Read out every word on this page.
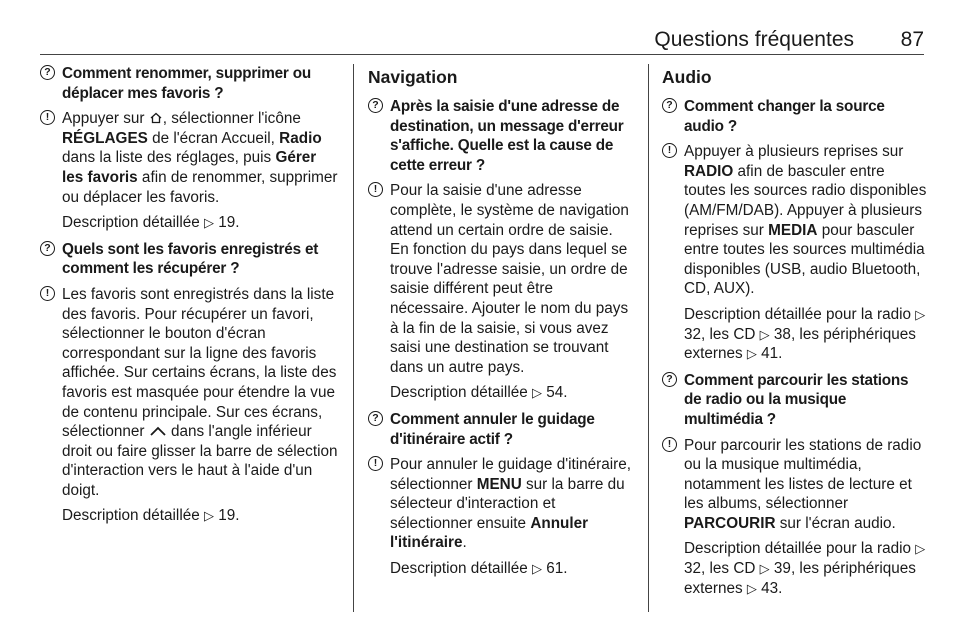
Questions fréquentes 87
? Comment renommer, supprimer ou déplacer mes favoris ?
! Appuyer sur , sélectionner l'icône RÉGLAGES de l'écran Accueil, Radio dans la liste des réglages, puis Gérer les favoris afin de renommer, supprimer ou déplacer les favoris.
Description détaillée ▷ 19.
? Quels sont les favoris enregistrés et comment les récupérer ?
! Les favoris sont enregistrés dans la liste des favoris. Pour récupérer un favori, sélectionner le bouton d'écran correspondant sur la ligne des favoris affichée. Sur certains écrans, la liste des favoris est masquée pour étendre la vue de contenu principale. Sur ces écrans, sélectionner  dans l'angle inférieur droit ou faire glisser la barre de sélection d'interaction vers le haut à l'aide d'un doigt.
Description détaillée ▷ 19.
Navigation
? Après la saisie d'une adresse de destination, un message d'erreur s'affiche. Quelle est la cause de cette erreur ?
! Pour la saisie d'une adresse complète, le système de navigation attend un certain ordre de saisie. En fonction du pays dans lequel se trouve l'adresse saisie, un ordre de saisie différent peut être nécessaire. Ajouter le nom du pays à la fin de la saisie, si vous avez saisi une destination se trouvant dans un autre pays.
Description détaillée ▷ 54.
? Comment annuler le guidage d'itinéraire actif ?
! Pour annuler le guidage d'itinéraire, sélectionner MENU sur la barre du sélecteur d'interaction et sélectionner ensuite Annuler l'itinéraire.
Description détaillée ▷ 61.
Audio
? Comment changer la source audio ?
! Appuyer à plusieurs reprises sur RADIO afin de basculer entre toutes les sources radio disponibles (AM/FM/DAB). Appuyer à plusieurs reprises sur MEDIA pour basculer entre toutes les sources multimédia disponibles (USB, audio Bluetooth, CD, AUX).
Description détaillée pour la radio ▷ 32, les CD ▷ 38, les périphériques externes ▷ 41.
? Comment parcourir les stations de radio ou la musique multimédia ?
! Pour parcourir les stations de radio ou la musique multimédia, notamment les listes de lecture et les albums, sélectionner PARCOURIR sur l'écran audio.
Description détaillée pour la radio ▷ 32, les CD ▷ 39, les périphériques externes ▷ 43.
